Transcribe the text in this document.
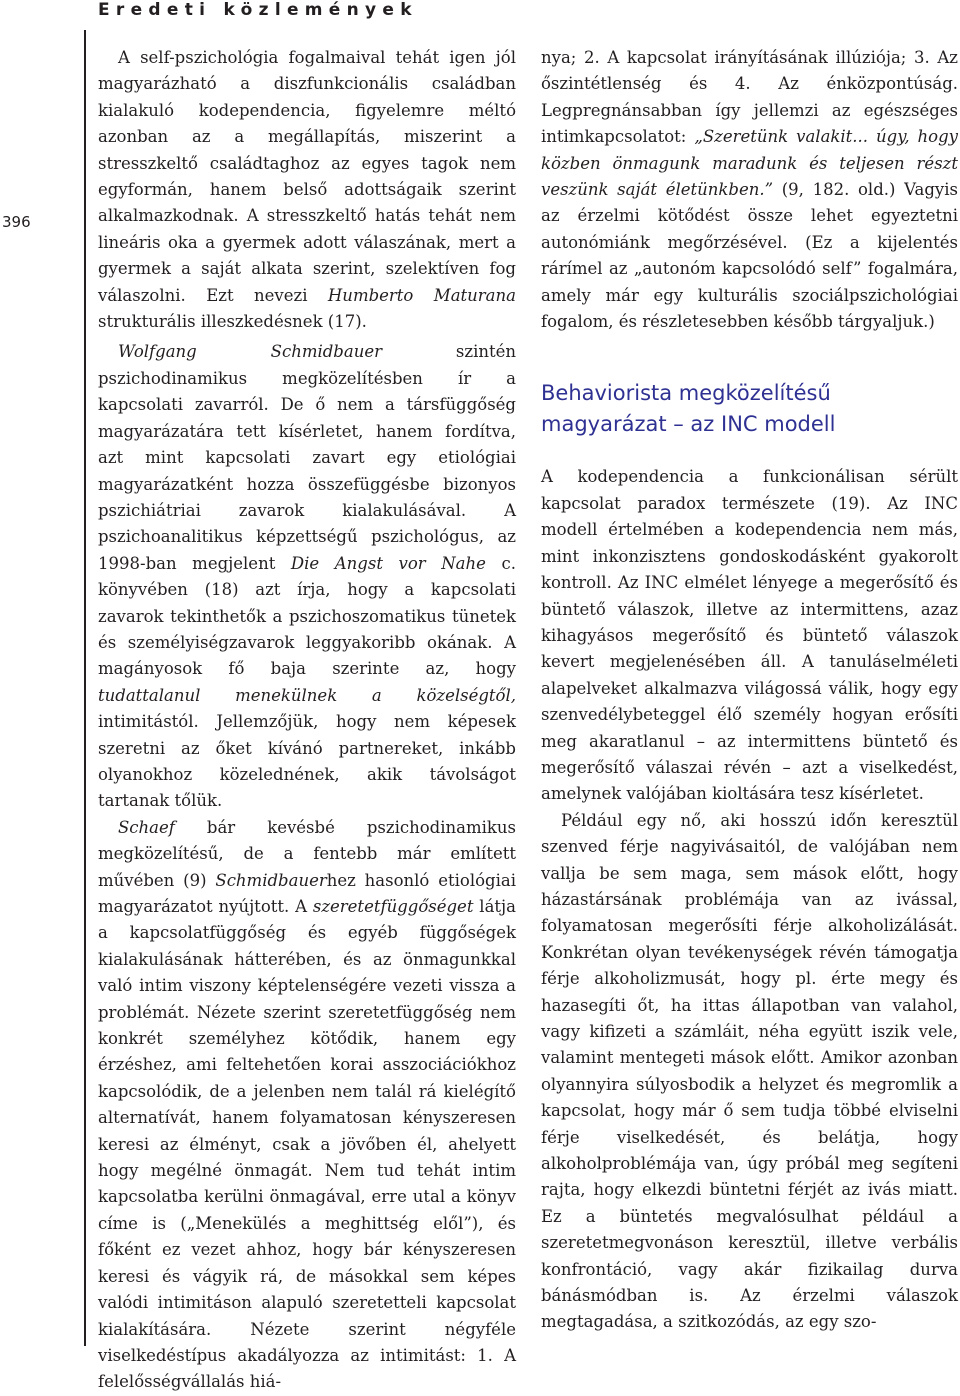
Eredeti közlemények
396

A self-pszichológia fogalmaival tehát igen jól magyarázható a diszfunkcionális családban kialakuló kodependencia, figyelemre méltó azonban az a megállapítás, miszerint a stresszkeltő családtaghoz az egyes tagok nem egyformán, hanem belső adottságaik szerint alkalmazkodnak. A stresszkeltő hatás tehát nem lineáris oka a gyermek adott válaszának, mert a gyermek a saját alkata szerint, szelektíven fog válaszolni. Ezt nevezi Humberto Maturana strukturális illeszkedésnek (17).

Wolfgang Schmidbauer szintén pszichodinamikus megközelítésben ír a kapcsolati zavarról. De ő nem a társfüggőség magyarázatára tett kísérletet, hanem fordítva, azt mint kapcsolati zavart egy etiológiai magyarázatként hozza összefüggésbe bizonyos pszichiátriai zavarok kialakulásával. A pszichoanalitikus képzettségű pszichológus, az 1998-ban megjelent Die Angst vor Nahe c. könyvében (18) azt írja, hogy a kapcsolati zavarok tekinthetők a pszichoszomatikus tünetek és személyiségzavarok leggyakoribb okának. A magányosok fő baja szerinte az, hogy tudattalanul menekülnek a közelségtől, intimitástól. Jellemzőjük, hogy nem képesek szeretni az őket kívánó partnereket, inkább olyanokhoz közelednének, akik távolságot tartanak tőlük.

Schaef bár kevésbé pszichodinamikus megközelítésű, de a fentebb már említett művében (9) Schmidbauerhez hasonló etiológiai magyarázatot nyújtott. A szeretetfüggőséget látja a kapcsolatfüggőség és egyéb függőségek kialakulásának hátterében, és az önmagunkkal való intim viszony képtelenségére vezeti vissza a problémát. Nézete szerint szeretetfüggőség nem konkrét személyhez kötődik, hanem egy érzéshez, ami feltehetően korai asszociációkhoz kapcsolódik, de a jelenben nem talál rá kielégítő alternatívát, hanem folyamatosan kényszeresen keresi az élményt, csak a jövőben él, ahelyett hogy megélné önmagát. Nem tud tehát intim kapcsolatba kerülni önmagával, erre utal a könyv címe is („Menekülés a meghittség elől”), és főként ez vezet ahhoz, hogy bár kényszeresen keresi és vágyik rá, de másokkal sem képes valódi intimitáson alapuló szeretetteli kapcsolat kialakítására. Nézete szerint négyféle viselkedéstípus akadályozza az intimitást: 1. A felelősségvállalás hiá-

nya; 2. A kapcsolat irányításának illúziója; 3. Az őszintétlenség és 4. Az énközpontúság. Legpregnánsabban így jellemzi az egészséges intimkapcsolatot: „Szeretünk valakit... úgy, hogy közben önmagunk maradunk és teljesen részt veszünk saját életünkben.” (9, 182. old.) Vagyis az érzelmi kötődést össze lehet egyeztetni autonómiánk megőrzésével. (Ez a kijelentés rárímel az „autonóm kapcsolódó self” fogalmára, amely már egy kulturális szociálpszichológiai fogalom, és részletesebben később tárgyaljuk.)

Behaviorista megközelítésű magyarázat – az INC modell

A kodependencia a funkcionálisan sérült kapcsolat paradox természete (19). Az INC modell értelmében a kodependencia nem más, mint inkonzisztens gondoskodásként gyakorolt kontroll. Az INC elmélet lényege a megerősítő és büntető válaszok, illetve az intermittens, azaz kihagyásos megerősítő és büntető válaszok kevert megjelenésében áll. A tanuláselméleti alapelveket alkalmazva világossá válik, hogy egy szenvedélybeteggel élő személy hogyan erősíti meg akaratlanul – az intermittens büntető és megerősítő válaszai révén – azt a viselkedést, amelynek valójában kioltására tesz kísérletet.

Például egy nő, aki hosszú időn keresztül szenved férje nagyivásaitól, de valójában nem vallja be sem maga, sem mások előtt, hogy házastársának problémája van az ivással, folyamatosan megerősíti férje alkoholizálását. Konkrétan olyan tevékenységek révén támogatja férje alkoholizmusát, hogy pl. érte megy és hazasegíti őt, ha ittas állapotban van valahol, vagy kifizeti a számláit, néha együtt iszik vele, valamint mentegeti mások előtt. Amikor azonban olyannyira súlyosbodik a helyzet és megromlik a kapcsolat, hogy már ő sem tudja többé elviselni férje viselkedését, és belátja, hogy alkoholproblémája van, úgy próbál meg segíteni rajta, hogy elkezdi büntetni férjét az ivás miatt. Ez a büntetés megvalósulhat például a szeretetmegvonáson keresztül, illetve verbális konfrontáció, vagy akár fizikailag durva bánásmódban is. Az érzelmi válaszok megtagadása, a szitkozódás, az egy szo-
